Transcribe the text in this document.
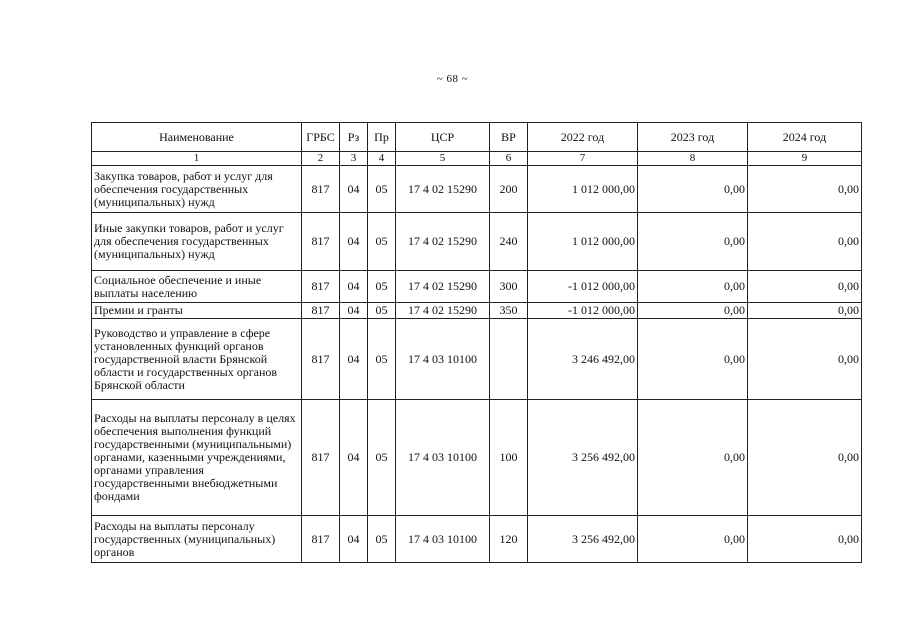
~ 68 ~
Наименование	ГРБС	Рз	Пр	ЦСР	ВР	2022 год	2023 год	2024 год
1	2	3	4	5	6	7	8	9
Закупка товаров, работ и услуг для обеспечения государственных (муниципальных) нужд	817	04	05	17 4 02 15290	200	1 012 000,00	0,00	0,00
Иные закупки товаров, работ и услуг для обеспечения государственных (муниципальных) нужд	817	04	05	17 4 02 15290	240	1 012 000,00	0,00	0,00
Социальное обеспечение и иные выплаты населению	817	04	05	17 4 02 15290	300	-1 012 000,00	0,00	0,00
Премии и гранты	817	04	05	17 4 02 15290	350	-1 012 000,00	0,00	0,00
Руководство и управление в сфере установленных функций органов государственной власти Брянской области и государственных органов Брянской области	817	04	05	17 4 03 10100		3 246 492,00	0,00	0,00
Расходы на выплаты персоналу в целях обеспечения выполнения функций государственными (муниципальными) органами, казенными учреждениями, органами управления государственными внебюджетными фондами	817	04	05	17 4 03 10100	100	3 256 492,00	0,00	0,00
Расходы на выплаты персоналу государственных (муниципальных) органов	817	04	05	17 4 03 10100	120	3 256 492,00	0,00	0,00
